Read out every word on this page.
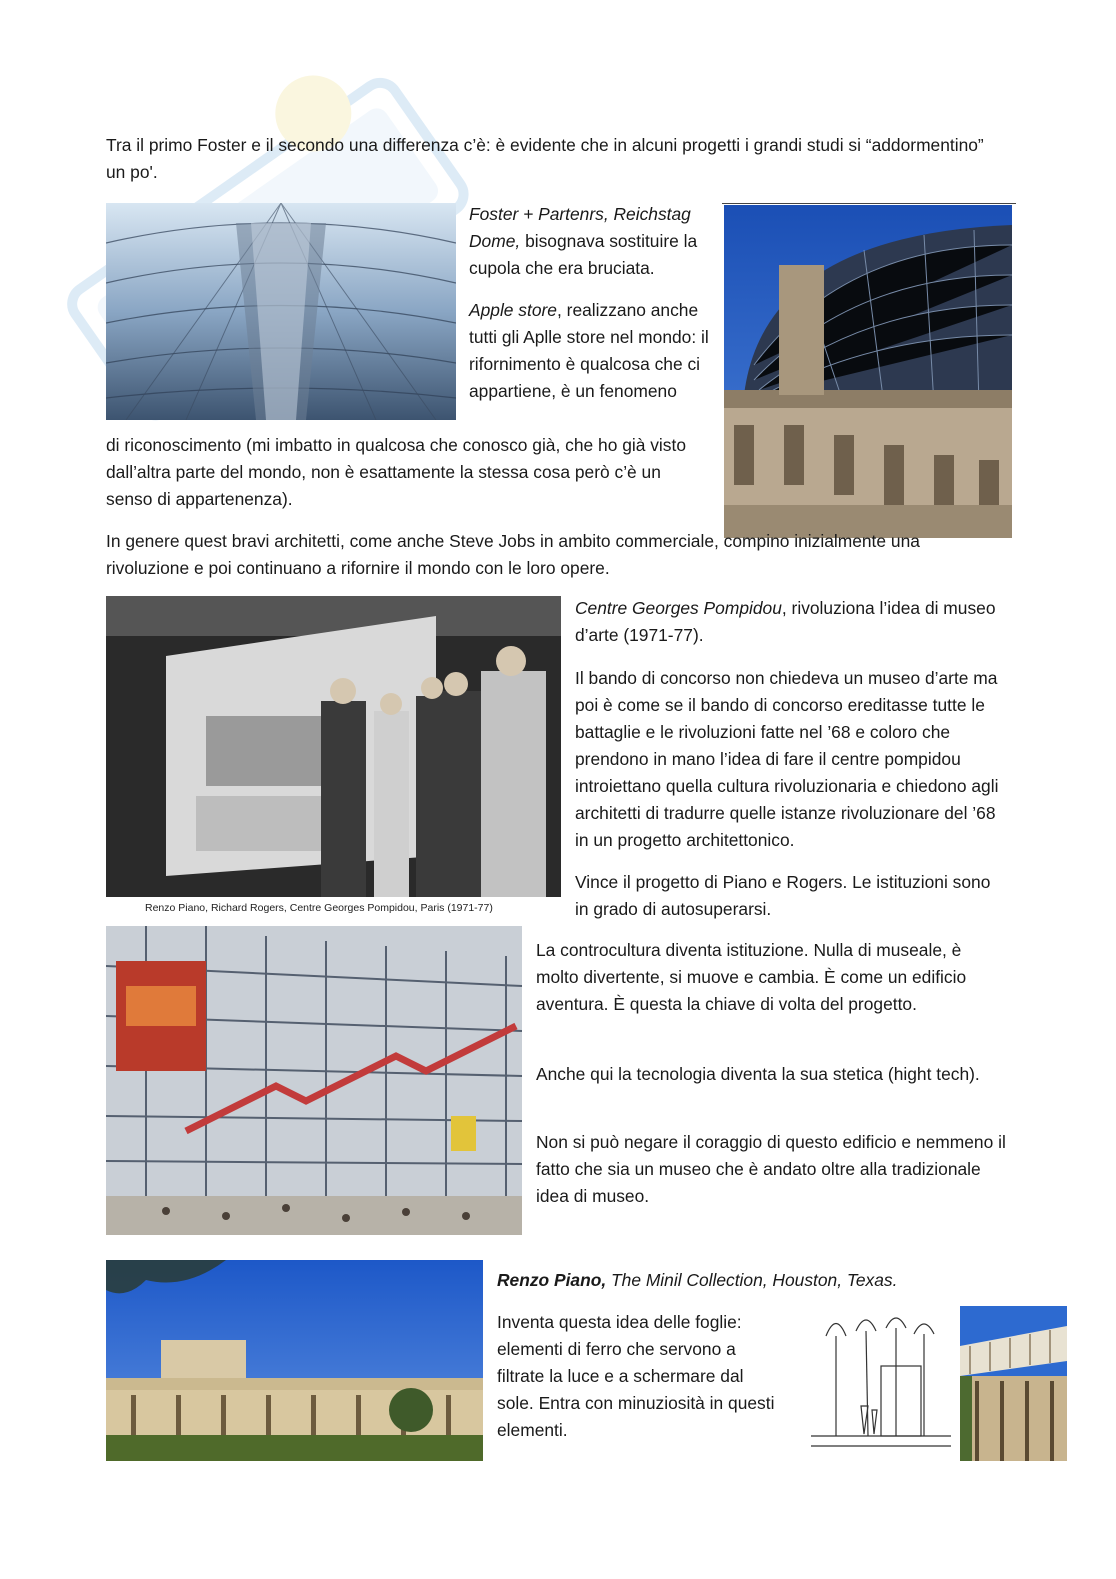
Tra il primo Foster e il secondo una differenza c’è: è evidente che in alcuni progetti i grandi studi si “addormentino” un po'.

Foster + Partenrs, Reichstag Dome, bisognava sostituire la cupola che era bruciata.

Apple store, realizzano anche tutti gli Aplle store nel mondo: il rifornimento è qualcosa che ci appartiene, è un fenomeno

di riconoscimento (mi imbatto in qualcosa che conosco già, che ho già visto dall’altra parte del mondo, non è esattamente la stessa cosa però c’è un senso di appartenenza).

In genere quest bravi architetti, come anche Steve Jobs in ambito commerciale, compino inizialmente una rivoluzione e poi continuano a rifornire il mondo con le loro opere.

Renzo Piano, Richard Rogers, Centre Georges Pompidou, Paris (1971-77)

Centre Georges Pompidou, rivoluziona l’idea di museo d’arte (1971-77).

Il bando di concorso non chiedeva un museo d’arte ma poi è come se il bando di concorso ereditasse tutte le battaglie e le rivoluzioni fatte nel ’68 e coloro che prendono in mano l’idea di fare il centre pompidou introiettano quella cultura rivoluzionaria e chiedono agli architetti di tradurre quelle istanze rivoluzionare del ’68 in un progetto architettonico.

Vince il progetto di Piano e Rogers. Le istituzioni sono in grado di autosuperarsi.

La controcultura diventa istituzione. Nulla di museale, è molto divertente, si muove e cambia. È come un edificio aventura. È questa la chiave di volta del progetto.

Anche qui la tecnologia diventa la sua stetica (hight tech).

Non si può negare il coraggio di questo edificio e nemmeno il fatto che sia un museo che è andato oltre alla tradizionale idea di museo.

Renzo Piano, The Minil Collection, Houston, Texas.

Inventa questa idea delle foglie: elementi di ferro che servono a filtrate la luce e a schermare dal sole. Entra con minuziosità in questi elementi.
